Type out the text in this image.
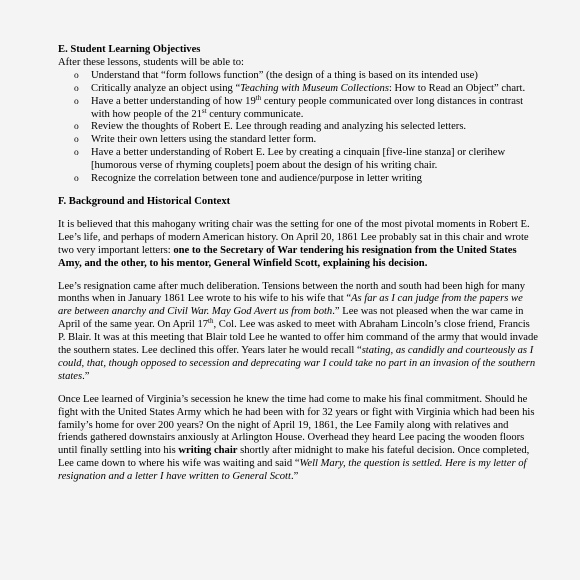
E. Student Learning Objectives

After these lessons, students will be able to:

o Understand that “form follows function” (the design of a thing is based on its intended use)
o Critically analyze an object using “Teaching with Museum Collections: How to Read an Object” chart.
o Have a better understanding of how 19th century people communicated over long distances in contrast with how people of the 21st century communicate.
o Review the thoughts of Robert E. Lee through reading and analyzing his selected letters.
o Write their own letters using the standard letter form.
o Have a better understanding of Robert E. Lee by creating a cinquain [five-line stanza] or clerihew [humorous verse of rhyming couplets] poem about the design of his writing chair.
o Recognize the correlation between tone and audience/purpose in letter writing

F. Background and Historical Context

It is believed that this mahogany writing chair was the setting for one of the most pivotal moments in Robert E. Lee’s life, and perhaps of modern American history. On April 20, 1861 Lee probably sat in this chair and wrote two very important letters: one to the Secretary of War tendering his resignation from the United States Amy, and the other, to his mentor, General Winfield Scott, explaining his decision.

Lee’s resignation came after much deliberation. Tensions between the north and south had been high for many months when in January 1861 Lee wrote to his wife to his wife that “As far as I can judge from the papers we are between anarchy and Civil War. May God Avert us from both.” Lee was not pleased when the war came in April of the same year. On April 17th, Col. Lee was asked to meet with Abraham Lincoln’s close friend, Francis P. Blair. It was at this meeting that Blair told Lee he wanted to offer him command of the army that would invade the southern states. Lee declined this offer. Years later he would recall “stating, as candidly and courteously as I could, that, though opposed to secession and deprecating war I could take no part in an invasion of the southern states.”

Once Lee learned of Virginia’s secession he knew the time had come to make his final commitment. Should he fight with the United States Army which he had been with for 32 years or fight with Virginia which had been his family’s home for over 200 years? On the night of April 19, 1861, the Lee Family along with relatives and friends gathered downstairs anxiously at Arlington House. Overhead they heard Lee pacing the wooden floors until finally settling into his writing chair shortly after midnight to make his fateful decision. Once completed, Lee came down to where his wife was waiting and said “Well Mary, the question is settled. Here is my letter of resignation and a letter I have written to General Scott.”
